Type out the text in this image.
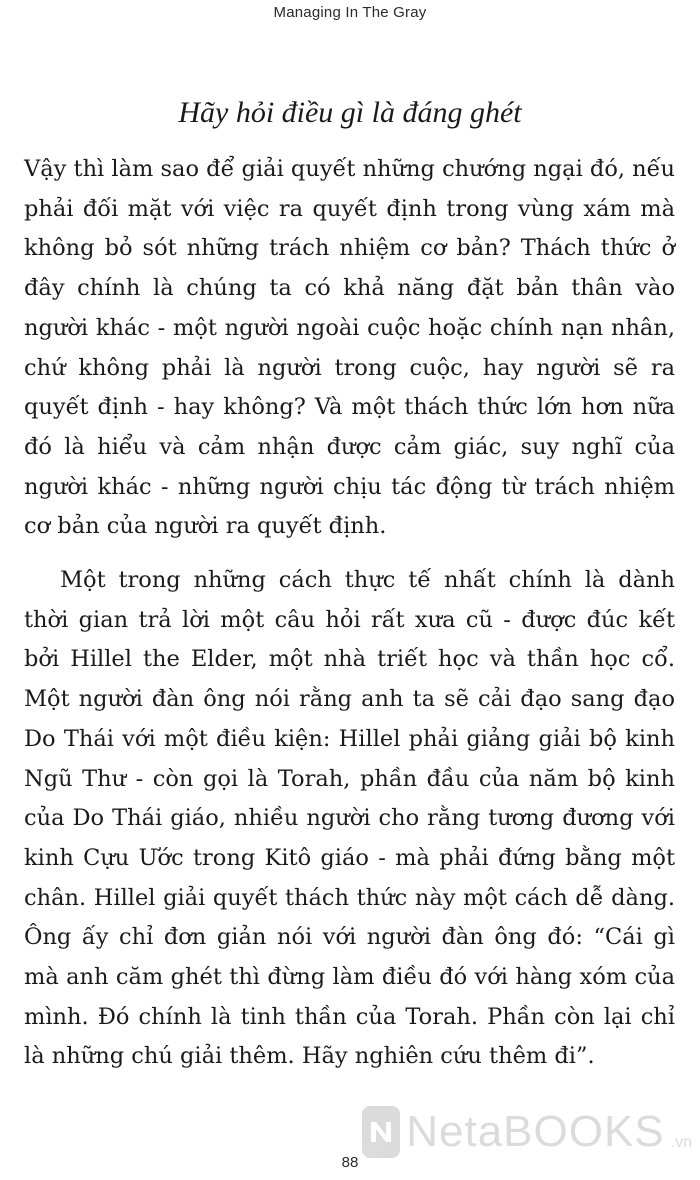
Managing In The Gray
Hãy hỏi điều gì là đáng ghét

Vậy thì làm sao để giải quyết những chướng ngại đó, nếu phải đối mặt với việc ra quyết định trong vùng xám mà không bỏ sót những trách nhiệm cơ bản? Thách thức ở đây chính là chúng ta có khả năng đặt bản thân vào người khác - một người ngoài cuộc hoặc chính nạn nhân, chứ không phải là người trong cuộc, hay người sẽ ra quyết định - hay không? Và một thách thức lớn hơn nữa đó là hiểu và cảm nhận được cảm giác, suy nghĩ của người khác - những người chịu tác động từ trách nhiệm cơ bản của người ra quyết định.

Một trong những cách thực tế nhất chính là dành thời gian trả lời một câu hỏi rất xưa cũ - được đúc kết bởi Hillel the Elder, một nhà triết học và thần học cổ. Một người đàn ông nói rằng anh ta sẽ cải đạo sang đạo Do Thái với một điều kiện: Hillel phải giảng giải bộ kinh Ngũ Thư - còn gọi là Torah, phần đầu của năm bộ kinh của Do Thái giáo, nhiều người cho rằng tương đương với kinh Cựu Ước trong Kitô giáo - mà phải đứng bằng một chân. Hillel giải quyết thách thức này một cách dễ dàng. Ông ấy chỉ đơn giản nói với người đàn ông đó: “Cái gì mà anh căm ghét thì đừng làm điều đó với hàng xóm của mình. Đó chính là tinh thần của Torah. Phần còn lại chỉ là những chú giải thêm. Hãy nghiên cứu thêm đi”.

NetaBOOKS .vn
88
